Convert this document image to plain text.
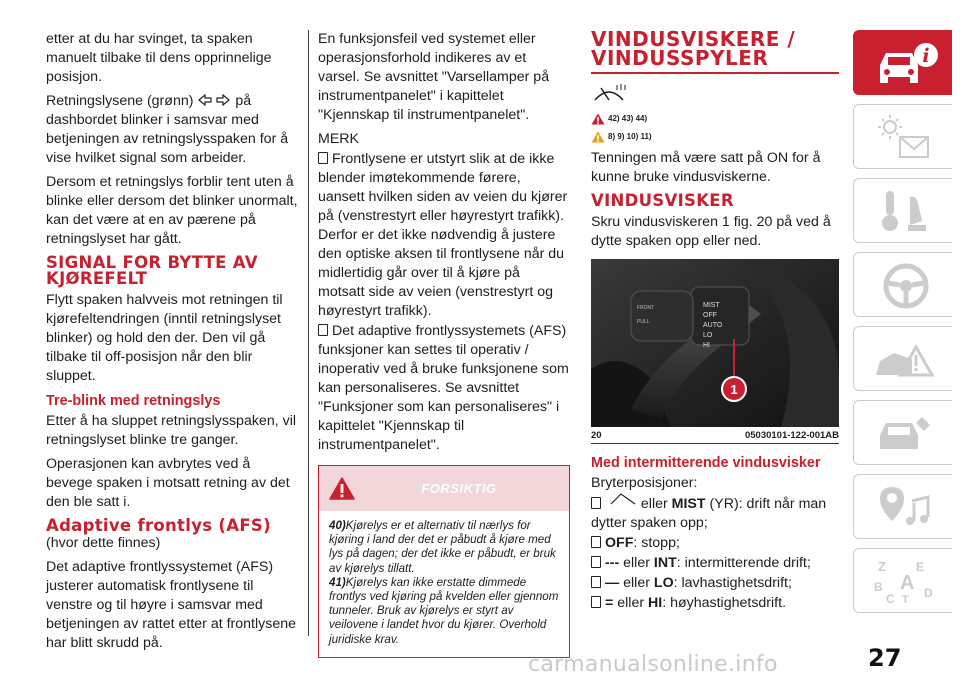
etter at du har svinget, ta spaken manuelt tilbake til dens opprinnelige posisjon.

Retningslysene (grønn)	på dashbordet blinker i samsvar med betjeningen av retningslysspaken for å vise hvilket signal som arbeider.

Dersom et retningslys forblir tent uten å blinke eller dersom det blinker unormalt, kan det være at en av pærene på retningslyset har gått.

SIGNAL FOR BYTTE AV KJØREFELT

Flytt spaken halvveis mot retningen til kjørefeltendringen (inntil retningslyset blinker) og hold den der. Den vil gå tilbake til off-posisjon når den blir sluppet.

Tre-blink med retningslys

Etter å ha sluppet retningslysspaken, vil retningslyset blinke tre ganger.

Operasjonen kan avbrytes ved å bevege spaken i motsatt retning av det den ble satt i.

Adaptive frontlys (AFS)

(hvor dette finnes)

Det adaptive frontlyssystemet (AFS) justerer automatisk frontlysene til venstre og til høyre i samsvar med betjeningen av rattet etter at frontlysene har blitt skrudd på.

En funksjonsfeil ved systemet eller operasjonsforhold indikeres av et varsel. Se avsnittet "Varsellamper på instrumentpanelet" i kapittelet "Kjennskap til instrumentpanelet".

MERK

Frontlysene er utstyrt slik at de ikke blender imøtekommende førere, uansett hvilken siden av veien du kjører på (venstrestyrt eller høyrestyrt trafikk). Derfor er det ikke nødvendig å justere den optiske aksen til frontlysene når du midlertidig går over til å kjøre på motsatt side av veien (venstrestyrt og høyrestyrt trafikk).

Det adaptive frontlyssystemets (AFS) funksjoner kan settes til operativ / inoperativ ved å bruke funksjonene som kan personaliseres. Se avsnittet "Funksjoner som kan personaliseres" i kapittelet "Kjennskap til instrumentpanelet".

FORSIKTIG

40)Kjørelys er et alternativ til nærlys for kjøring i land der det er påbudt å kjøre med lys på dagen; der det ikke er påbudt, er bruk av kjørelys tillatt.

41)Kjørelys kan ikke erstatte dimmede frontlys ved kjøring på kvelden eller gjennom tunneler. Bruk av kjørelys er styrt av veilovene i landet hvor du kjører. Overhold juridiske krav.

VINDUSVISKERE / VINDUSSPYLER
42) 43) 44)
8) 9) 10) 11)

Tenningen må være satt på ON for å kunne bruke vindusviskerne.

VINDUSVISKER

Skru vindusviskeren 1 fig. 20 på ved å dytte spaken opp eller ned.

MIST
OFF
AUTO
LO
HI
FRONT
PULL
1
20	05030101-122-001AB
Med intermitterende vindusvisker

Bryterposisjoner:

eller MIST (YR): drift når man dytter spaken opp;

OFF: stopp;

--- eller INT: intermitterende drift;

— eller LO: lavhastighetsdrift;

= eller HI: høyhastighetsdrift.

i
Z	E
B A
C T D
carmanualsonline.info	27
